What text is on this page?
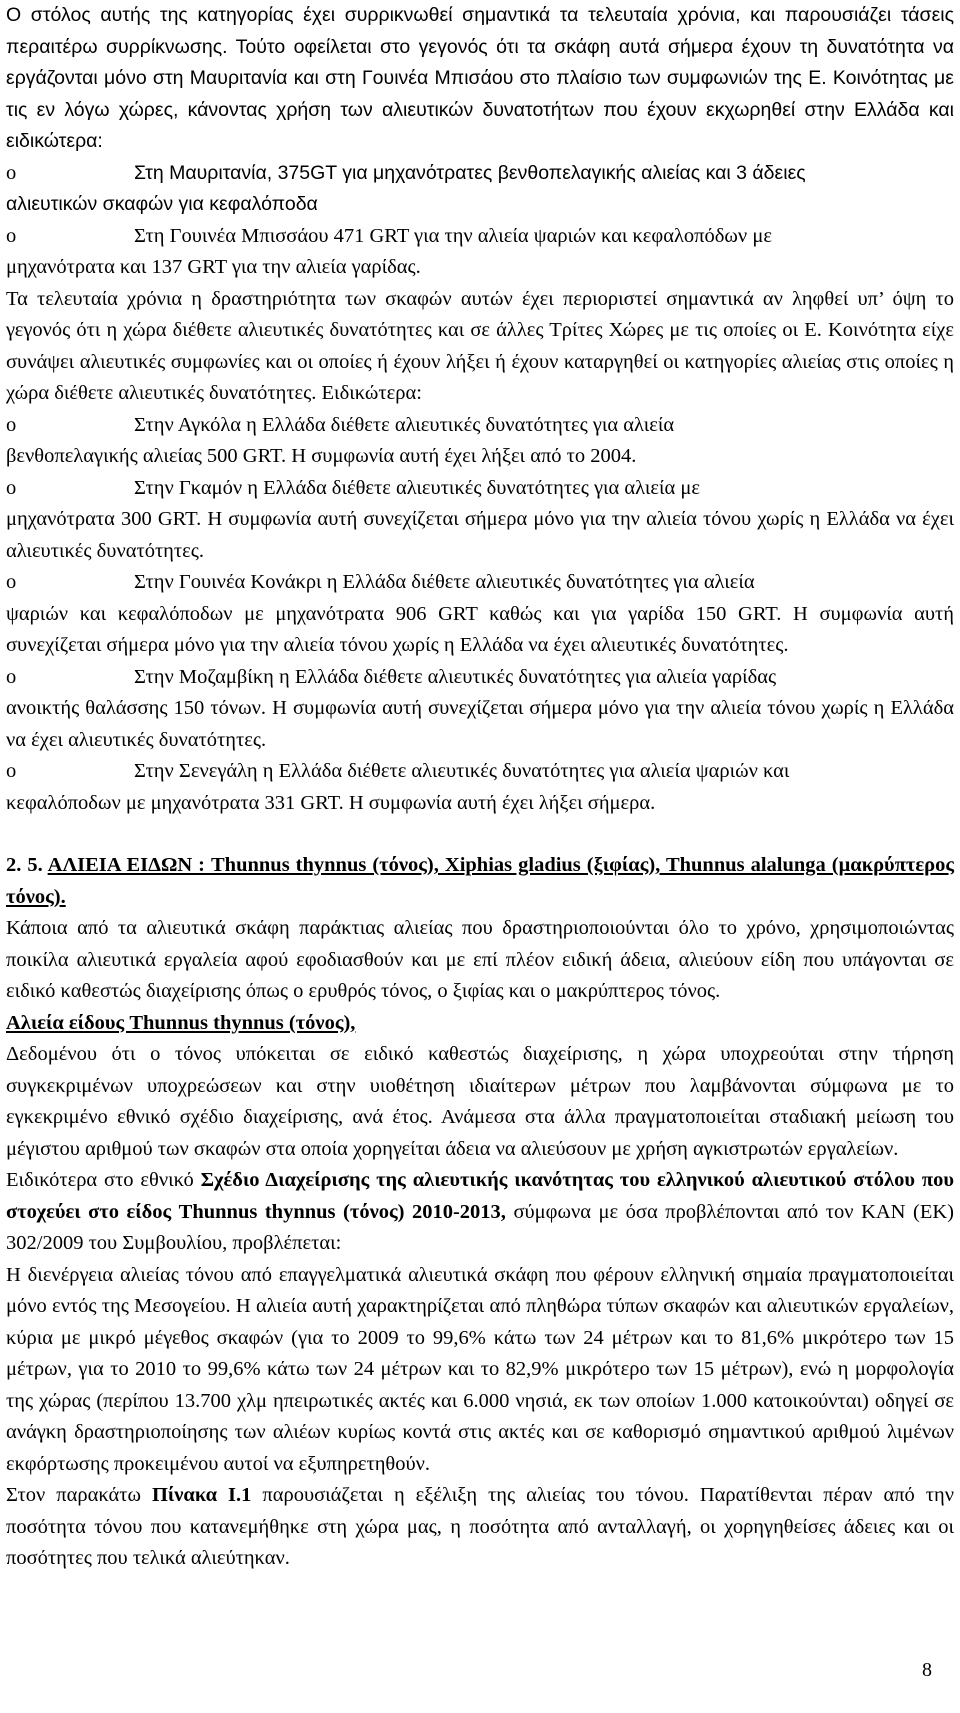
Ο στόλος αυτής της κατηγορίας έχει συρρικνωθεί σημαντικά τα τελευταία χρόνια, και παρουσιάζει τάσεις περαιτέρω συρρίκνωσης. Τούτο οφείλεται στο γεγονός ότι τα σκάφη αυτά σήμερα έχουν τη δυνατότητα να εργάζονται μόνο στη Μαυριτανία και στη Γουινέα Μπισάου στο πλαίσιο των συμφωνιών της Ε. Κοινότητας με τις εν λόγω χώρες, κάνοντας χρήση των αλιευτικών δυνατοτήτων που έχουν εκχωρηθεί στην Ελλάδα και ειδικώτερα:

o	Στη Μαυριτανία, 375GT για μηχανότρατες βενθοπελαγικής αλιείας και 3 άδειες

αλιευτικών σκαφών για κεφαλόποδα

o	Στη Γουινέα Μπισσάου 471 GRT για την αλιεία ψαριών και κεφαλοπόδων με

μηχανότρατα και 137 GRT για την αλιεία γαρίδας.

Τα τελευταία χρόνια η δραστηριότητα των σκαφών αυτών έχει περιοριστεί σημαντικά αν ληφθεί υπ’ όψη το γεγονός ότι η χώρα διέθετε αλιευτικές δυνατότητες και σε άλλες Τρίτες Χώρες με τις οποίες οι Ε. Κοινότητα είχε συνάψει αλιευτικές συμφωνίες και οι οποίες ή έχουν λήξει ή έχουν καταργηθεί οι κατηγορίες αλιείας στις οποίες η χώρα διέθετε αλιευτικές δυνατότητες. Ειδικώτερα:

o	Στην Αγκόλα η Ελλάδα διέθετε αλιευτικές δυνατότητες για αλιεία

βενθοπελαγικής αλιείας 500 GRT. Η συμφωνία αυτή έχει λήξει από το 2004.

o	Στην Γκαμόν η Ελλάδα διέθετε αλιευτικές δυνατότητες για αλιεία με

μηχανότρατα 300 GRT. Η συμφωνία αυτή συνεχίζεται σήμερα μόνο για την αλιεία τόνου χωρίς η Ελλάδα να έχει αλιευτικές δυνατότητες.

o	Στην Γουινέα Κονάκρι η Ελλάδα διέθετε αλιευτικές δυνατότητες για αλιεία

ψαριών και κεφαλόποδων με μηχανότρατα 906 GRT καθώς και για γαρίδα 150 GRT. Η συμφωνία αυτή συνεχίζεται σήμερα μόνο για την αλιεία τόνου χωρίς η Ελλάδα να έχει αλιευτικές δυνατότητες.

o	Στην Μοζαμβίκη η Ελλάδα διέθετε αλιευτικές δυνατότητες για αλιεία γαρίδας

ανοικτής θαλάσσης 150 τόνων. Η συμφωνία αυτή συνεχίζεται σήμερα μόνο για την αλιεία τόνου χωρίς η Ελλάδα να έχει αλιευτικές δυνατότητες.

o	Στην Σενεγάλη η Ελλάδα διέθετε αλιευτικές δυνατότητες για αλιεία ψαριών και

κεφαλόποδων με μηχανότρατα 331 GRT. Η συμφωνία αυτή έχει λήξει σήμερα.

2. 5. ΑΛΙΕΙΑ ΕΙΔΩΝ : Thunnus thynnus (τόνος), Xiphias gladius (ξιφίας), Thunnus alalunga (μακρύπτερος τόνος).

Κάποια από τα αλιευτικά σκάφη παράκτιας αλιείας που δραστηριοποιούνται όλο το χρόνο, χρησιμοποιώντας ποικίλα αλιευτικά εργαλεία αφού εφοδιασθούν και με επί πλέον ειδική άδεια, αλιεύουν είδη που υπάγονται σε ειδικό καθεστώς διαχείρισης όπως ο ερυθρός τόνος, ο ξιφίας και ο μακρύπτερος τόνος.

Αλιεία είδους Thunnus thynnus (τόνος),

Δεδομένου ότι ο τόνος υπόκειται σε ειδικό καθεστώς διαχείρισης, η χώρα υποχρεούται στην τήρηση συγκεκριμένων υποχρεώσεων και στην υιοθέτηση ιδιαίτερων μέτρων που λαμβάνονται σύμφωνα με το εγκεκριμένο εθνικό σχέδιο διαχείρισης, ανά έτος. Ανάμεσα στα άλλα πραγματοποιείται σταδιακή μείωση του μέγιστου αριθμού των σκαφών στα οποία χορηγείται άδεια να αλιεύσουν με χρήση αγκιστρωτών εργαλείων.

Ειδικότερα στο εθνικό Σχέδιο Διαχείρισης της αλιευτικής ικανότητας του ελληνικού αλιευτικού στόλου που στοχεύει στο είδος Thunnus thynnus (τόνος) 2010-2013, σύμφωνα με όσα προβλέπονται από τον ΚΑΝ (ΕΚ) 302/2009 του Συμβουλίου, προβλέπεται:

Η διενέργεια αλιείας τόνου από επαγγελματικά αλιευτικά σκάφη που φέρουν ελληνική σημαία πραγματοποιείται μόνο εντός της Μεσογείου. Η αλιεία αυτή χαρακτηρίζεται από πληθώρα τύπων σκαφών και αλιευτικών εργαλείων, κύρια με μικρό μέγεθος σκαφών (για το 2009 το 99,6% κάτω των 24 μέτρων και το 81,6% μικρότερο των 15 μέτρων, για το 2010 το 99,6% κάτω των 24 μέτρων και το 82,9% μικρότερο των 15 μέτρων), ενώ η μορφολογία της χώρας (περίπου 13.700 χλμ ηπειρωτικές ακτές και 6.000 νησιά, εκ των οποίων 1.000 κατοικούνται) οδηγεί σε ανάγκη δραστηριοποίησης των αλιέων κυρίως κοντά στις ακτές και σε καθορισμό σημαντικού αριθμού λιμένων εκφόρτωσης προκειμένου αυτοί να εξυπηρετηθούν.

Στον παρακάτω Πίνακα Ι.1 παρουσιάζεται η εξέλιξη της αλιείας του τόνου. Παρατίθενται πέραν από την ποσότητα τόνου που κατανεμήθηκε στη χώρα μας, η ποσότητα από ανταλλαγή, οι χορηγηθείσες άδειες και οι ποσότητες που τελικά αλιεύτηκαν.

8
